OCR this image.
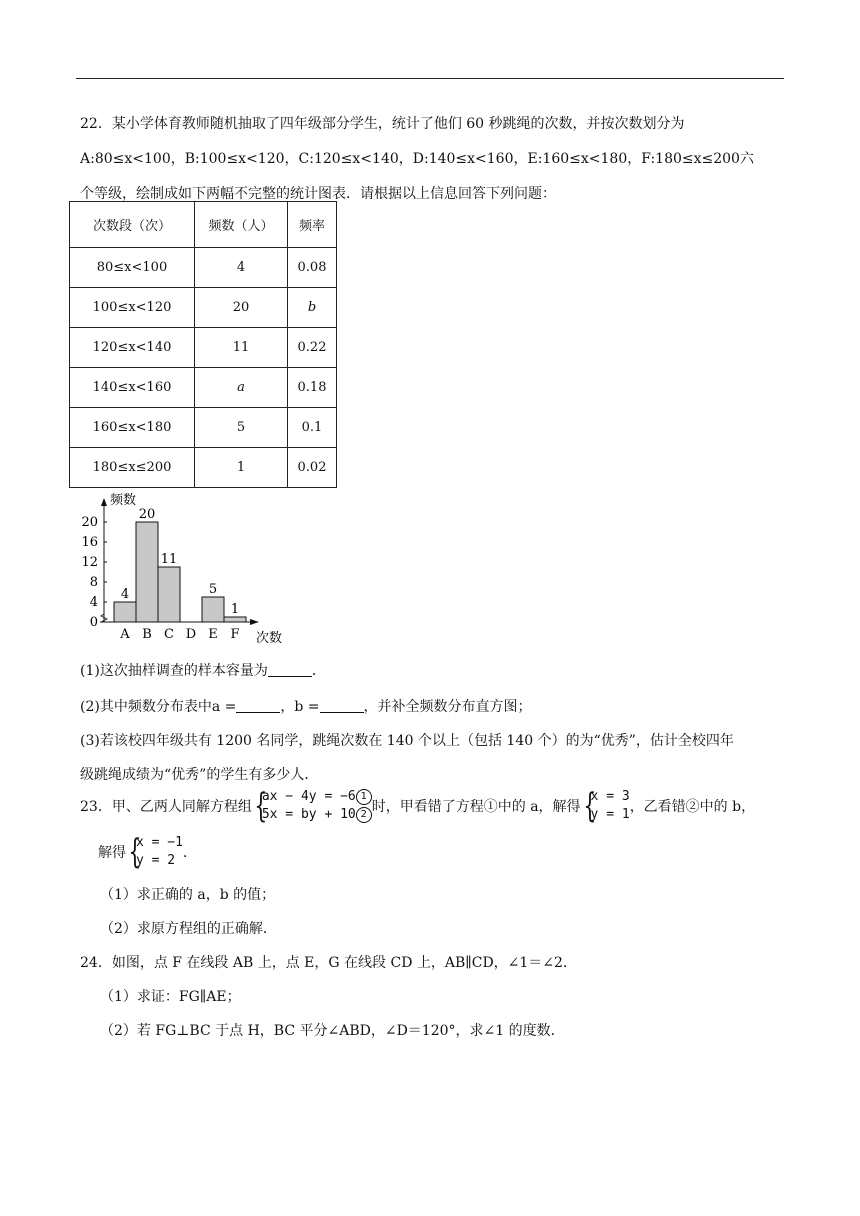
22．某小学体育教师随机抽取了四年级部分学生，统计了他们 60 秒跳绳的次数，并按次数划分为
A:80≤x<100，B:100≤x<120，C:120≤x<140，D:140≤x<160，E:160≤x<180，F:180≤x≤200六
个等级，绘制成如下两幅不完整的统计图表．请根据以上信息回答下列问题：
次数段（次）	频数（人）	频率
80≤x<100	4	0.08
100≤x<120	20	b
120≤x<140	11	0.22
140≤x<160	a	0.18
160≤x<180	5	0.1
180≤x≤200	1	0.02
0
4
8
12
16
20
4
A
20
B
11
C D
5
E
1
F
频数
次数
(1)这次抽样调查的样本容量为	．
(2)其中频数分布表中a =	，b =	，并补全频数分布直方图；
(3)若该校四年级共有 1200 名同学，跳绳次数在 140 个以上（包括 140 个）的为“优秀”，估计全校四年
级跳绳成绩为“优秀”的学生有多少人．
23．甲、乙两人同解方程组{ ax − 4y = −6 1
5x = by + 10 2 时，甲看错了方程①中的 a，解得{ x = 3
y = 1，乙看错②中的 b，
解得{ x = −1
y = 2 ．
（1）求正确的 a，b 的值；
（2）求原方程组的正确解．
24．如图，点 F 在线段 AB 上，点 E，G 在线段 CD 上，AB∥CD，∠1＝∠2．
（1）求证：FG∥AE；
（2）若 FG⊥BC 于点 H，BC 平分∠ABD，∠D＝120°，求∠1 的度数．
